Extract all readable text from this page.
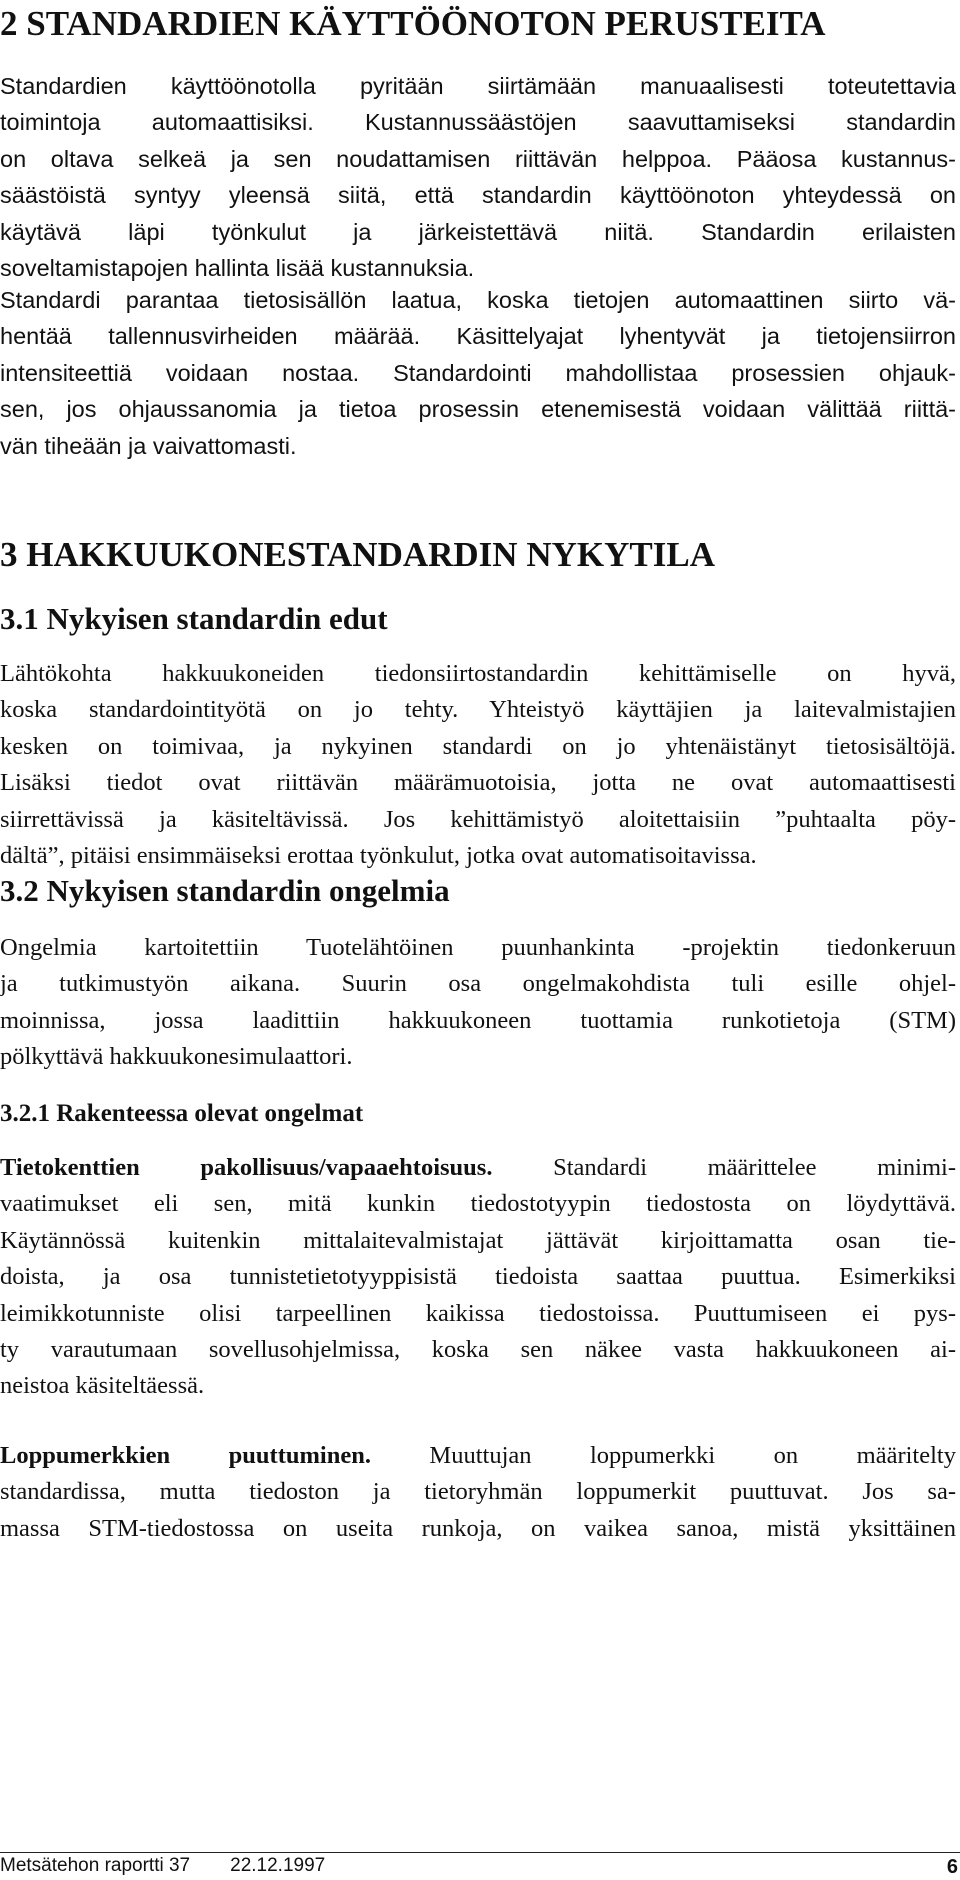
2 STANDARDIEN KÄYTTÖÖNOTON PERUSTEITA
Standardien käyttöönotolla pyritään siirtämään manuaalisesti toteutettavia
toimintoja automaattisiksi. Kustannussäästöjen saavuttamiseksi standardin
on oltava selkeä ja sen noudattamisen riittävän helppoa. Pääosa kustannus-
säästöistä syntyy yleensä siitä, että standardin käyttöönoton yhteydessä on
käytävä läpi työnkulut ja järkeistettävä niitä. Standardin erilaisten
soveltamistapojen hallinta lisää kustannuksia.
Standardi parantaa tietosisällön laatua, koska tietojen automaattinen siirto vä-
hentää tallennusvirheiden määrää. Käsittelyajat lyhentyvät ja tietojensiirron
intensiteettiä voidaan nostaa. Standardointi mahdollistaa prosessien ohjauk-
sen, jos ohjaussanomia ja tietoa prosessin etenemisestä voidaan välittää riittä-
vän tiheään ja vaivattomasti.
3 HAKKUUKONESTANDARDIN NYKYTILA
3.1 Nykyisen standardin edut
Lähtökohta hakkuukoneiden tiedonsiirtostandardin kehittämiselle on hyvä,
koska standardointityötä on jo tehty. Yhteistyö käyttäjien ja laitevalmistajien
kesken on toimivaa, ja nykyinen standardi on jo yhtenäistänyt tietosisältöjä.
Lisäksi tiedot ovat riittävän määrämuotoisia, jotta ne ovat automaattisesti
siirrettävissä ja käsiteltävissä. Jos kehittämistyö aloitettaisiin ”puhtaalta pöy-
dältä”, pitäisi ensimmäiseksi erottaa työnkulut, jotka ovat automatisoitavissa.
3.2 Nykyisen standardin ongelmia
Ongelmia kartoitettiin Tuotelähtöinen puunhankinta -projektin tiedonkeruun
ja tutkimustyön aikana. Suurin osa ongelmakohdista tuli esille ohjel-
moinnissa, jossa laadittiin hakkuukoneen tuottamia runkotietoja (STM)
pölkyttävä hakkuukonesimulaattori.
3.2.1 Rakenteessa olevat ongelmat
Tietokenttien pakollisuus/vapaaehtoisuus. Standardi määrittelee minimi-
vaatimukset eli sen, mitä kunkin tiedostotyypin tiedostosta on löydyttävä.
Käytännössä kuitenkin mittalaitevalmistajat jättävät kirjoittamatta osan tie-
doista, ja osa tunnistetietotyyppisistä tiedoista saattaa puuttua. Esimerkiksi
leimikkotunniste olisi tarpeellinen kaikissa tiedostoissa. Puuttumiseen ei pys-
ty varautumaan sovellusohjelmissa, koska sen näkee vasta hakkuukoneen ai-
neistoa käsiteltäessä.
Loppumerkkien puuttuminen. Muuttujan loppumerkki on määritelty
standardissa, mutta tiedoston ja tietoryhmän loppumerkit puuttuvat. Jos sa-
massa STM-tiedostossa on useita runkoja, on vaikea sanoa, mistä yksittäinen
Metsätehon raportti 37 22.12.1997	6
